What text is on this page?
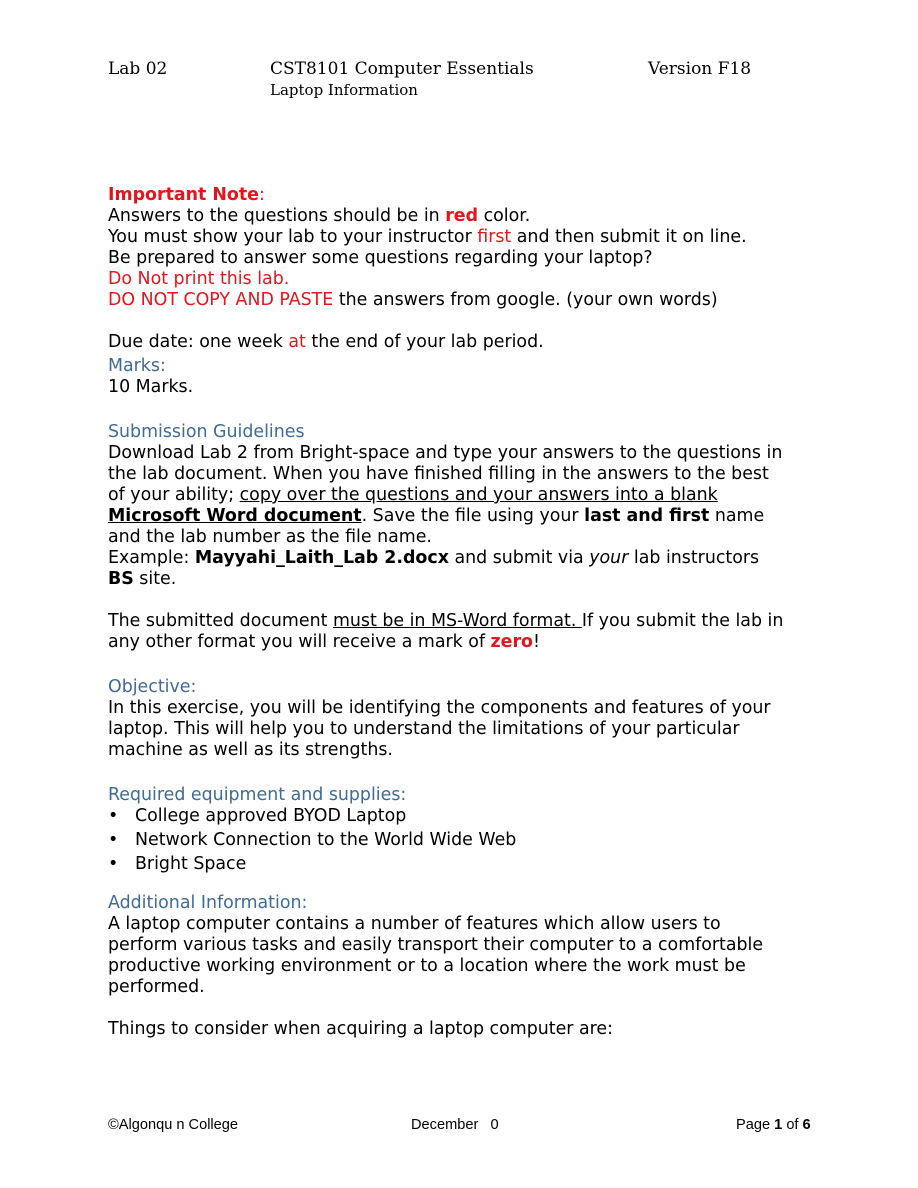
Lab 02	CST8101 Computer Essentials	Version F18
Laptop Information
Important Note:
Answers to the questions should be in red color.
You must show your lab to your instructor first and then submit it on line.
Be prepared to answer some questions regarding your laptop?
Do Not print this lab.
DO NOT COPY AND PASTE the answers from google. (your own words)
Due date: one week at the end of your lab period.
Marks:
10 Marks.
Submission Guidelines
Download Lab 2 from Bright-space and type your answers to the questions in
the lab document. When you have finished filling in the answers to the best
of your ability; copy over the questions and your answers into a blank
Microsoft Word document. Save the file using your last and first name
and the lab number as the file name.
Example: Mayyahi_Laith_Lab 2.docx and submit via your lab instructors
BS site.
The submitted document must be in MS-Word format. If you submit the lab in
any other format you will receive a mark of zero!
Objective:
In this exercise, you will be identifying the components and features of your
laptop. This will help you to understand the limitations of your particular
machine as well as its strengths.
Required equipment and supplies:
• College approved BYOD Laptop
• Network Connection to the World Wide Web
• Bright Space
Additional Information:
A laptop computer contains a number of features which allow users to
perform various tasks and easily transport their computer to a comfortable
productive working environment or to a location where the work must be
performed.
Things to consider when acquiring a laptop computer are:
©Algonqu n College	December   0	Page 1 of 6
